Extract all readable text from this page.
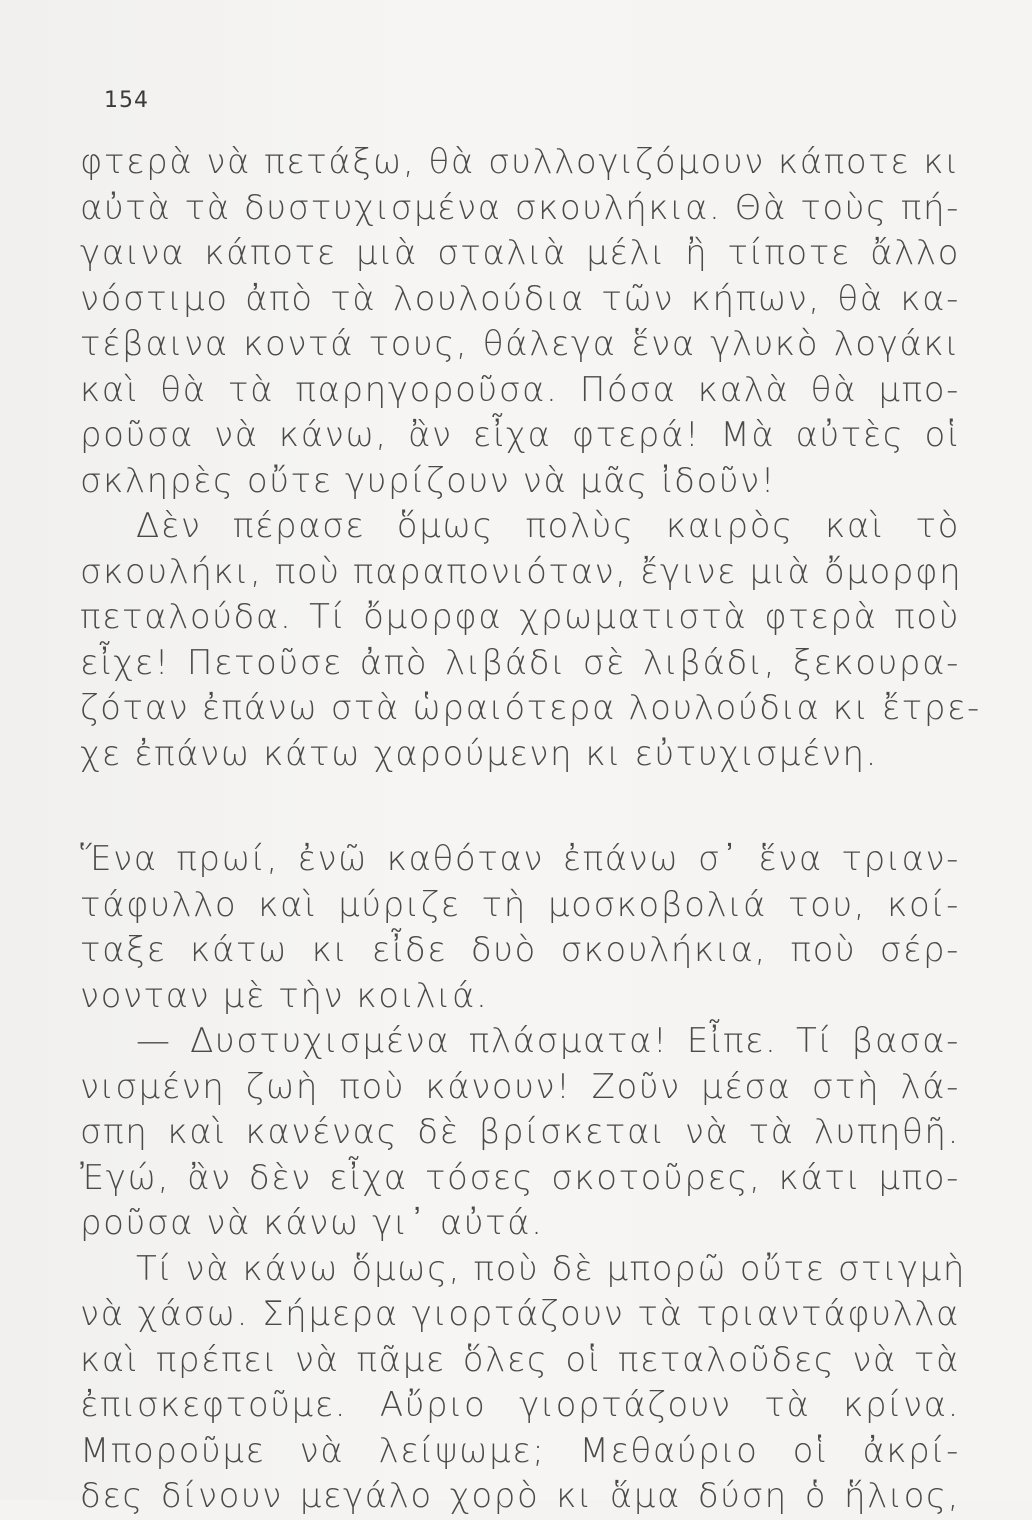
154

φτερὰ νὰ πετάξω, θὰ συλλογιζόμουν κάποτε κι
αὐτὰ τὰ δυστυχισμένα σκουλήκια. Θὰ τοὺς πή-
γαινα κάποτε μιὰ σταλιὰ μέλι ἢ τίποτε ἄλλο
νόστιμο ἀπὸ τὰ λουλούδια τῶν κήπων, θὰ κα-
τέβαινα κοντά τους, θάλεγα ἕνα γλυκὸ λογάκι
καὶ θὰ τὰ παρηγοροῦσα. Πόσα καλὰ θὰ μπο-
ροῦσα νὰ κάνω, ἂν εἶχα φτερά! Μὰ αὐτὲς οἱ
σκληρὲς οὔτε γυρίζουν νὰ μᾶς ἰδοῦν!

Δὲν πέρασε ὅμως πολὺς καιρὸς καὶ τὸ
σκουλήκι, ποὺ παραπονιόταν, ἔγινε μιὰ ὄμορφη
πεταλούδα. Τί ὄμορφα χρωματιστὰ φτερὰ ποὺ
εἶχε! Πετοῦσε ἀπὸ λιβάδι σὲ λιβάδι, ξεκουρα-
ζόταν ἐπάνω στὰ ὡραιότερα λουλούδια κι ἔτρε-
χε ἐπάνω κάτω χαρούμενη κι εὐτυχισμένη.

Ἕνα πρωί, ἐνῶ καθόταν ἐπάνω σ᾽ ἕνα τριαν-
τάφυλλο καὶ μύριζε τὴ μοσκοβολιά του, κοί-
ταξε κάτω κι εἶδε δυὸ σκουλήκια, ποὺ σέρ-
νονταν μὲ τὴν κοιλιά.

— Δυστυχισμένα πλάσματα! Εἶπε. Τί βασα-
νισμένη ζωὴ ποὺ κάνουν! Ζοῦν μέσα στὴ λά-
σπη καὶ κανένας δὲ βρίσκεται νὰ τὰ λυπηθῆ.
Ἐγώ, ἂν δὲν εἶχα τόσες σκοτοῦρες, κάτι μπο-
ροῦσα νὰ κάνω γι᾽ αὐτά.

Τί νὰ κάνω ὅμως, ποὺ δὲ μπορῶ οὔτε στιγμὴ
νὰ χάσω. Σήμερα γιορτάζουν τὰ τριαντάφυλλα
καὶ πρέπει νὰ πᾶμε ὅλες οἱ πεταλοῦδες νὰ τὰ
ἐπισκεφτοῦμε. Αὔριο γιορτάζουν τὰ κρίνα.
Μποροῦμε νὰ λείψωμε; Μεθαύριο οἱ ἀκρί-
δες δίνουν μεγάλο χορὸ κι ἅμα δύση ὁ ἥλιος,
